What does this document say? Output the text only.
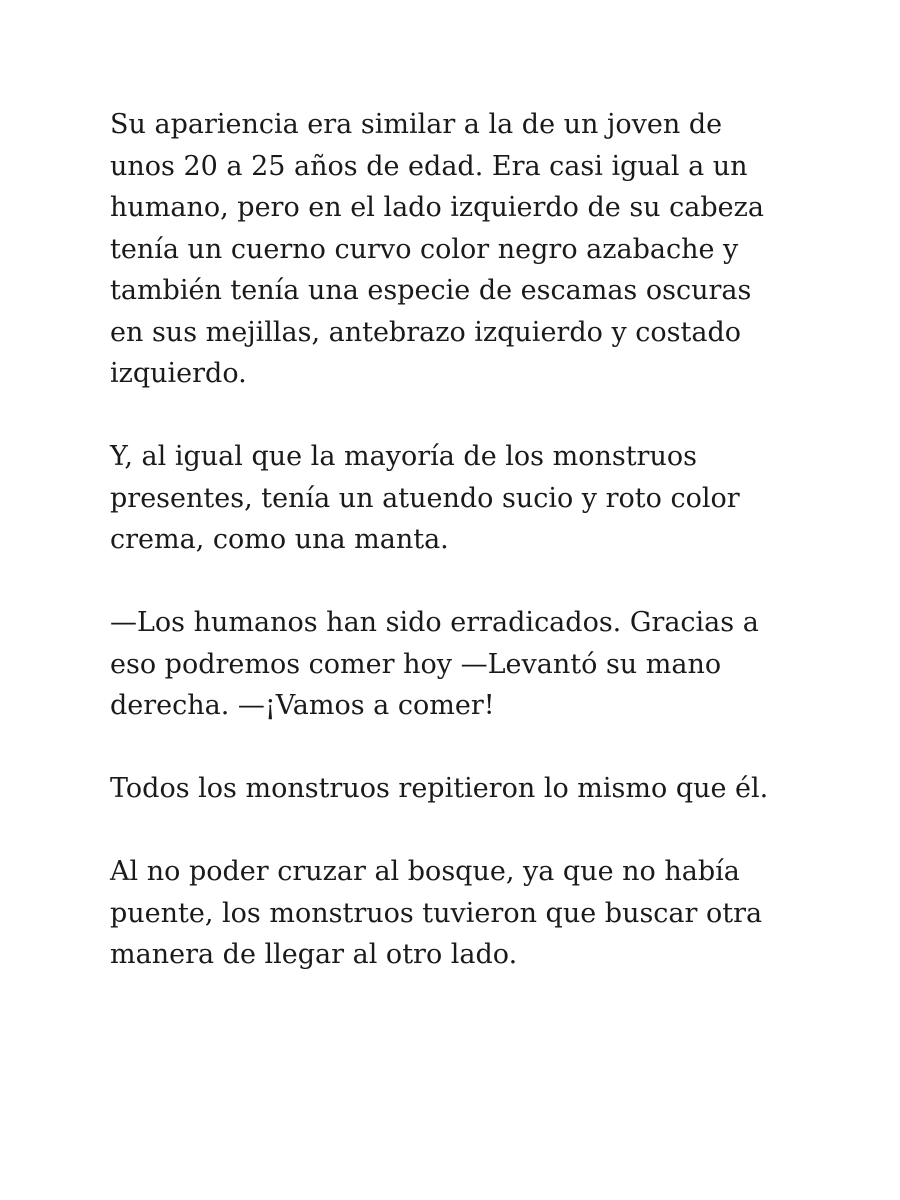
Su apariencia era similar a la de un joven de
unos 20 a 25 años de edad. Era casi igual a un
humano, pero en el lado izquierdo de su cabeza
tenía un cuerno curvo color negro azabache y
también tenía una especie de escamas oscuras
en sus mejillas, antebrazo izquierdo y costado
izquierdo.

Y, al igual que la mayoría de los monstruos
presentes, tenía un atuendo sucio y roto color
crema, como una manta.

—Los humanos han sido erradicados. Gracias a
eso podremos comer hoy —Levantó su mano
derecha. —¡Vamos a comer!

Todos los monstruos repitieron lo mismo que él.

Al no poder cruzar al bosque, ya que no había
puente, los monstruos tuvieron que buscar otra
manera de llegar al otro lado.
